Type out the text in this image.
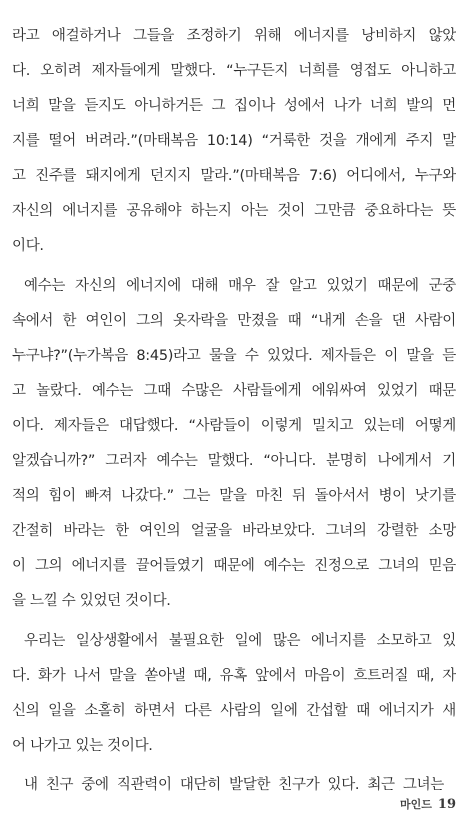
라고 애걸하거나 그들을 조정하기 위해 에너지를 낭비하지 않았
다. 오히려 제자들에게 말했다. “누구든지 너희를 영접도 아니하고
너희 말을 듣지도 아니하거든 그 집이나 성에서 나가 너희 발의 먼
지를 떨어 버려라.”(마태복음 10:14) “거룩한 것을 개에게 주지 말
고 진주를 돼지에게 던지지 말라.”(마태복음 7:6) 어디에서, 누구와
자신의 에너지를 공유해야 하는지 아는 것이 그만큼 중요하다는 뜻
이다.
예수는 자신의 에너지에 대해 매우 잘 알고 있었기 때문에 군중
속에서 한 여인이 그의 옷자락을 만졌을 때 “내게 손을 댄 사람이
누구냐?”(누가복음 8:45)라고 물을 수 있었다. 제자들은 이 말을 듣
고 놀랐다. 예수는 그때 수많은 사람들에게 에워싸여 있었기 때문
이다. 제자들은 대답했다. “사람들이 이렇게 밀치고 있는데 어떻게
알겠습니까?” 그러자 예수는 말했다. “아니다. 분명히 나에게서 기
적의 힘이 빠져 나갔다.” 그는 말을 마친 뒤 돌아서서 병이 낫기를
간절히 바라는 한 여인의 얼굴을 바라보았다. 그녀의 강렬한 소망
이 그의 에너지를 끌어들였기 때문에 예수는 진정으로 그녀의 믿음
을 느낄 수 있었던 것이다.
우리는 일상생활에서 불필요한 일에 많은 에너지를 소모하고 있
다. 화가 나서 말을 쏟아낼 때, 유혹 앞에서 마음이 흐트러질 때, 자
신의 일을 소홀히 하면서 다른 사람의 일에 간섭할 때 에너지가 새
어 나가고 있는 것이다.
내 친구 중에 직관력이 대단히 발달한 친구가 있다. 최근 그녀는
마인드 19
